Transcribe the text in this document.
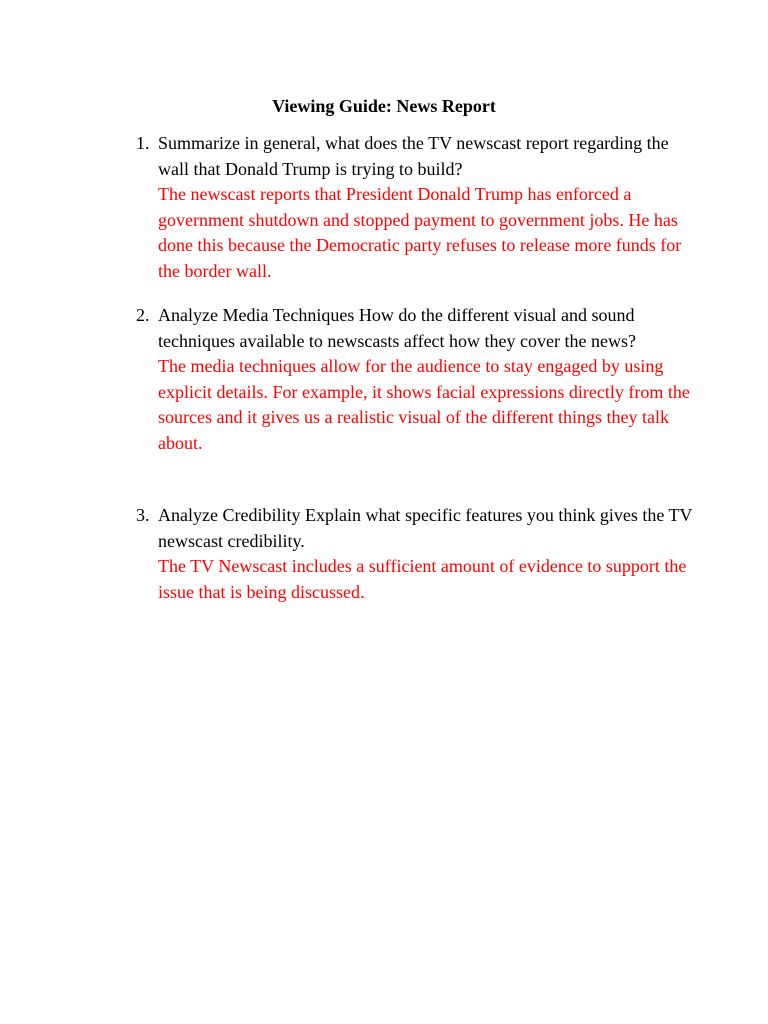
Viewing Guide: News Report
1. Summarize in general, what does the TV newscast report regarding the wall that Donald Trump is trying to build?
The newscast reports that President Donald Trump has enforced a government shutdown and stopped payment to government jobs. He has done this because the Democratic party refuses to release more funds for the border wall.
2. Analyze Media Techniques How do the different visual and sound techniques available to newscasts affect how they cover the news?
The media techniques allow for the audience to stay engaged by using explicit details. For example, it shows facial expressions directly from the sources and it gives us a realistic visual of the different things they talk about.
3. Analyze Credibility Explain what specific features you think gives the TV newscast credibility.
The TV Newscast includes a sufficient amount of evidence to support the issue that is being discussed.
